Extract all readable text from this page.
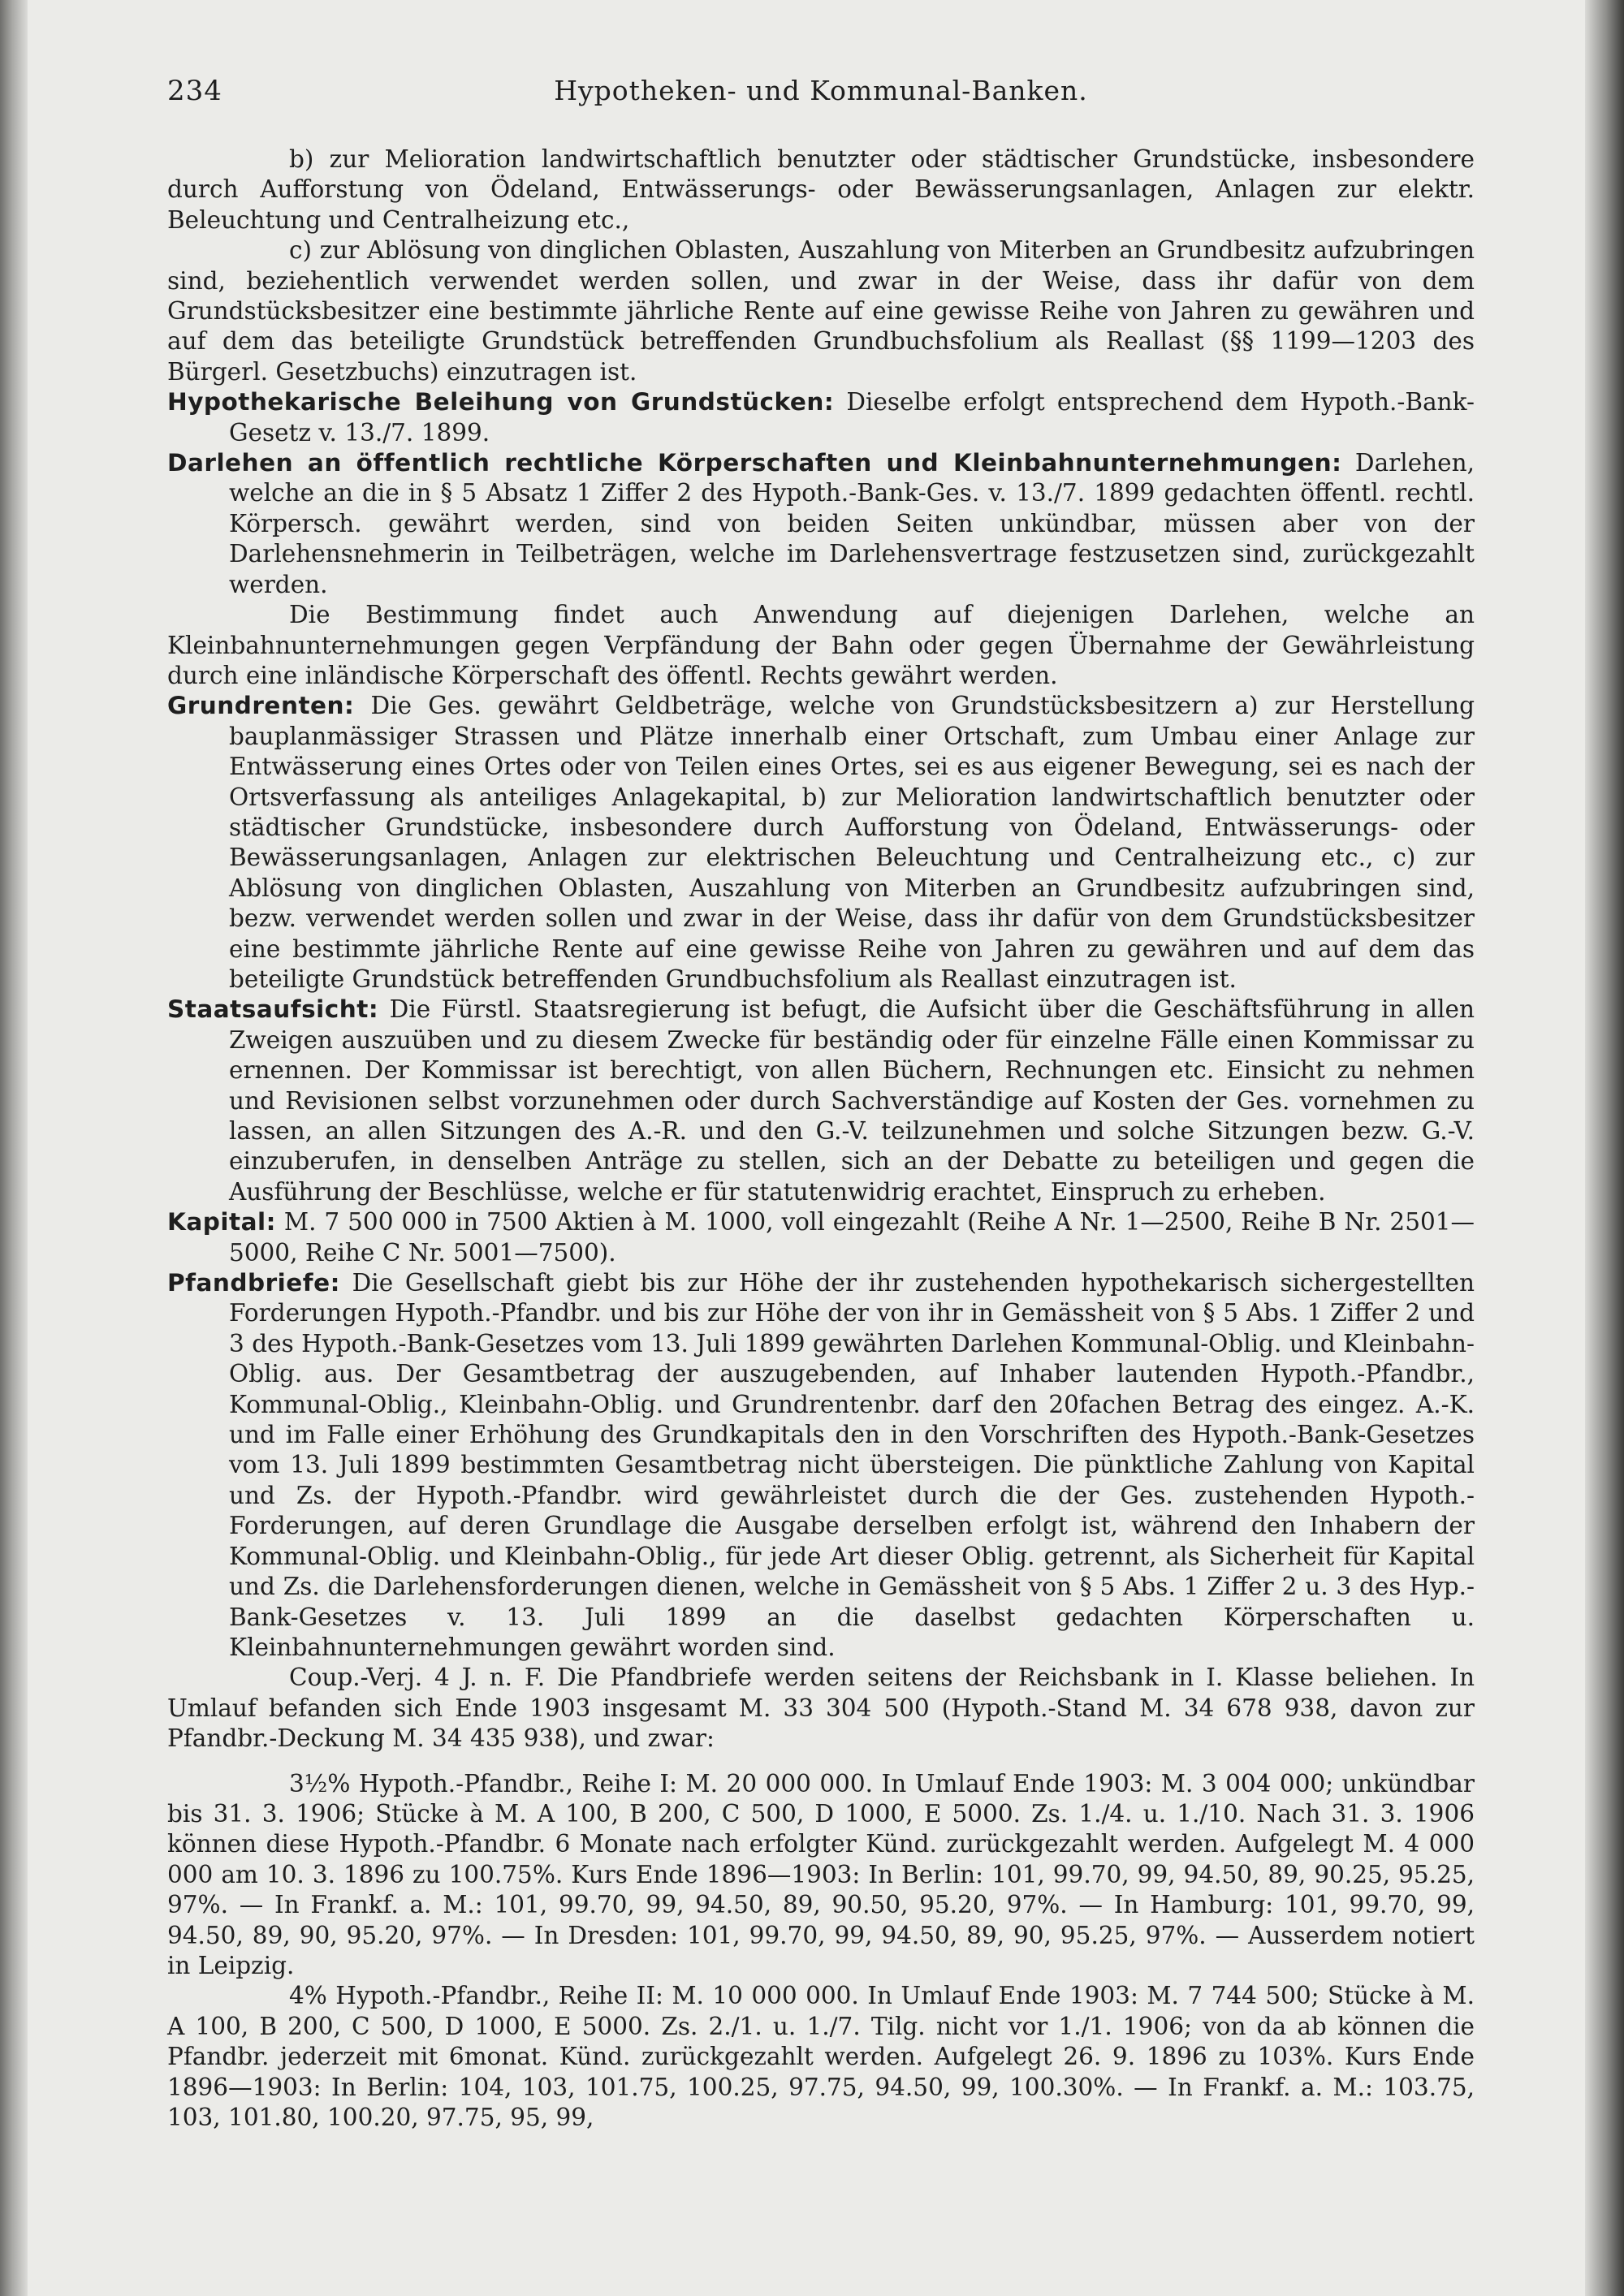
234	Hypotheken- und Kommunal-Banken.

b) zur Melioration landwirtschaftlich benutzter oder städtischer Grundstücke, insbesondere durch Aufforstung von Ödeland, Entwässerungs- oder Bewässerungsanlagen, Anlagen zur elektr. Beleuchtung und Centralheizung etc.,

c) zur Ablösung von dinglichen Oblasten, Auszahlung von Miterben an Grundbesitz aufzubringen sind, beziehentlich verwendet werden sollen, und zwar in der Weise, dass ihr dafür von dem Grundstücksbesitzer eine bestimmte jährliche Rente auf eine gewisse Reihe von Jahren zu gewähren und auf dem das beteiligte Grundstück betreffenden Grundbuchsfolium als Reallast (§§ 1199—1203 des Bürgerl. Gesetzbuchs) einzutragen ist.

Hypothekarische Beleihung von Grundstücken: Dieselbe erfolgt entsprechend dem Hypoth.-Bank-Gesetz v. 13./7. 1899.

Darlehen an öffentlich rechtliche Körperschaften und Kleinbahnunternehmungen: Darlehen, welche an die in § 5 Absatz 1 Ziffer 2 des Hypoth.-Bank-Ges. v. 13./7. 1899 gedachten öffentl. rechtl. Körpersch. gewährt werden, sind von beiden Seiten unkündbar, müssen aber von der Darlehensnehmerin in Teilbeträgen, welche im Darlehensvertrage festzusetzen sind, zurückgezahlt werden.

Die Bestimmung findet auch Anwendung auf diejenigen Darlehen, welche an Kleinbahnunternehmungen gegen Verpfändung der Bahn oder gegen Übernahme der Gewährleistung durch eine inländische Körperschaft des öffentl. Rechts gewährt werden.

Grundrenten: Die Ges. gewährt Geldbeträge, welche von Grundstücksbesitzern a) zur Herstellung bauplanmässiger Strassen und Plätze innerhalb einer Ortschaft, zum Umbau einer Anlage zur Entwässerung eines Ortes oder von Teilen eines Ortes, sei es aus eigener Bewegung, sei es nach der Ortsverfassung als anteiliges Anlagekapital, b) zur Melioration landwirtschaftlich benutzter oder städtischer Grundstücke, insbesondere durch Aufforstung von Ödeland, Entwässerungs- oder Bewässerungsanlagen, Anlagen zur elektrischen Beleuchtung und Centralheizung etc., c) zur Ablösung von dinglichen Oblasten, Auszahlung von Miterben an Grundbesitz aufzubringen sind, bezw. verwendet werden sollen und zwar in der Weise, dass ihr dafür von dem Grundstücksbesitzer eine bestimmte jährliche Rente auf eine gewisse Reihe von Jahren zu gewähren und auf dem das beteiligte Grundstück betreffenden Grundbuchsfolium als Reallast einzutragen ist.

Staatsaufsicht: Die Fürstl. Staatsregierung ist befugt, die Aufsicht über die Geschäftsführung in allen Zweigen auszuüben und zu diesem Zwecke für beständig oder für einzelne Fälle einen Kommissar zu ernennen. Der Kommissar ist berechtigt, von allen Büchern, Rechnungen etc. Einsicht zu nehmen und Revisionen selbst vorzunehmen oder durch Sachverständige auf Kosten der Ges. vornehmen zu lassen, an allen Sitzungen des A.-R. und den G.-V. teilzunehmen und solche Sitzungen bezw. G.-V. einzuberufen, in denselben Anträge zu stellen, sich an der Debatte zu beteiligen und gegen die Ausführung der Beschlüsse, welche er für statutenwidrig erachtet, Einspruch zu erheben.

Kapital: M. 7 500 000 in 7500 Aktien à M. 1000, voll eingezahlt (Reihe A Nr. 1—2500, Reihe B Nr. 2501—5000, Reihe C Nr. 5001—7500).

Pfandbriefe: Die Gesellschaft giebt bis zur Höhe der ihr zustehenden hypothekarisch sichergestellten Forderungen Hypoth.-Pfandbr. und bis zur Höhe der von ihr in Gemässheit von § 5 Abs. 1 Ziffer 2 und 3 des Hypoth.-Bank-Gesetzes vom 13. Juli 1899 gewährten Darlehen Kommunal-Oblig. und Kleinbahn-Oblig. aus. Der Gesamtbetrag der auszugebenden, auf Inhaber lautenden Hypoth.-Pfandbr., Kommunal-Oblig., Kleinbahn-Oblig. und Grundrentenbr. darf den 20fachen Betrag des eingez. A.-K. und im Falle einer Erhöhung des Grundkapitals den in den Vorschriften des Hypoth.-Bank-Gesetzes vom 13. Juli 1899 bestimmten Gesamtbetrag nicht übersteigen. Die pünktliche Zahlung von Kapital und Zs. der Hypoth.-Pfandbr. wird gewährleistet durch die der Ges. zustehenden Hypoth.-Forderungen, auf deren Grundlage die Ausgabe derselben erfolgt ist, während den Inhabern der Kommunal-Oblig. und Kleinbahn-Oblig., für jede Art dieser Oblig. getrennt, als Sicherheit für Kapital und Zs. die Darlehensforderungen dienen, welche in Gemässheit von § 5 Abs. 1 Ziffer 2 u. 3 des Hyp.-Bank-Gesetzes v. 13. Juli 1899 an die daselbst gedachten Körperschaften u. Kleinbahnunternehmungen gewährt worden sind.

Coup.-Verj. 4 J. n. F. Die Pfandbriefe werden seitens der Reichsbank in I. Klasse beliehen. In Umlauf befanden sich Ende 1903 insgesamt M. 33 304 500 (Hypoth.-Stand M. 34 678 938, davon zur Pfandbr.-Deckung M. 34 435 938), und zwar:

3½% Hypoth.-Pfandbr., Reihe I: M. 20 000 000. In Umlauf Ende 1903: M. 3 004 000; unkündbar bis 31. 3. 1906; Stücke à M. A 100, B 200, C 500, D 1000, E 5000. Zs. 1./4. u. 1./10. Nach 31. 3. 1906 können diese Hypoth.-Pfandbr. 6 Monate nach erfolgter Künd. zurückgezahlt werden. Aufgelegt M. 4 000 000 am 10. 3. 1896 zu 100.75%. Kurs Ende 1896—1903: In Berlin: 101, 99.70, 99, 94.50, 89, 90.25, 95.25, 97%. — In Frankf. a. M.: 101, 99.70, 99, 94.50, 89, 90.50, 95.20, 97%. — In Hamburg: 101, 99.70, 99, 94.50, 89, 90, 95.20, 97%. — In Dresden: 101, 99.70, 99, 94.50, 89, 90, 95.25, 97%. — Ausserdem notiert in Leipzig.

4% Hypoth.-Pfandbr., Reihe II: M. 10 000 000. In Umlauf Ende 1903: M. 7 744 500; Stücke à M. A 100, B 200, C 500, D 1000, E 5000. Zs. 2./1. u. 1./7. Tilg. nicht vor 1./1. 1906; von da ab können die Pfandbr. jederzeit mit 6monat. Künd. zurückgezahlt werden. Aufgelegt 26. 9. 1896 zu 103%. Kurs Ende 1896—1903: In Berlin: 104, 103, 101.75, 100.25, 97.75, 94.50, 99, 100.30%. — In Frankf. a. M.: 103.75, 103, 101.80, 100.20, 97.75, 95, 99,
